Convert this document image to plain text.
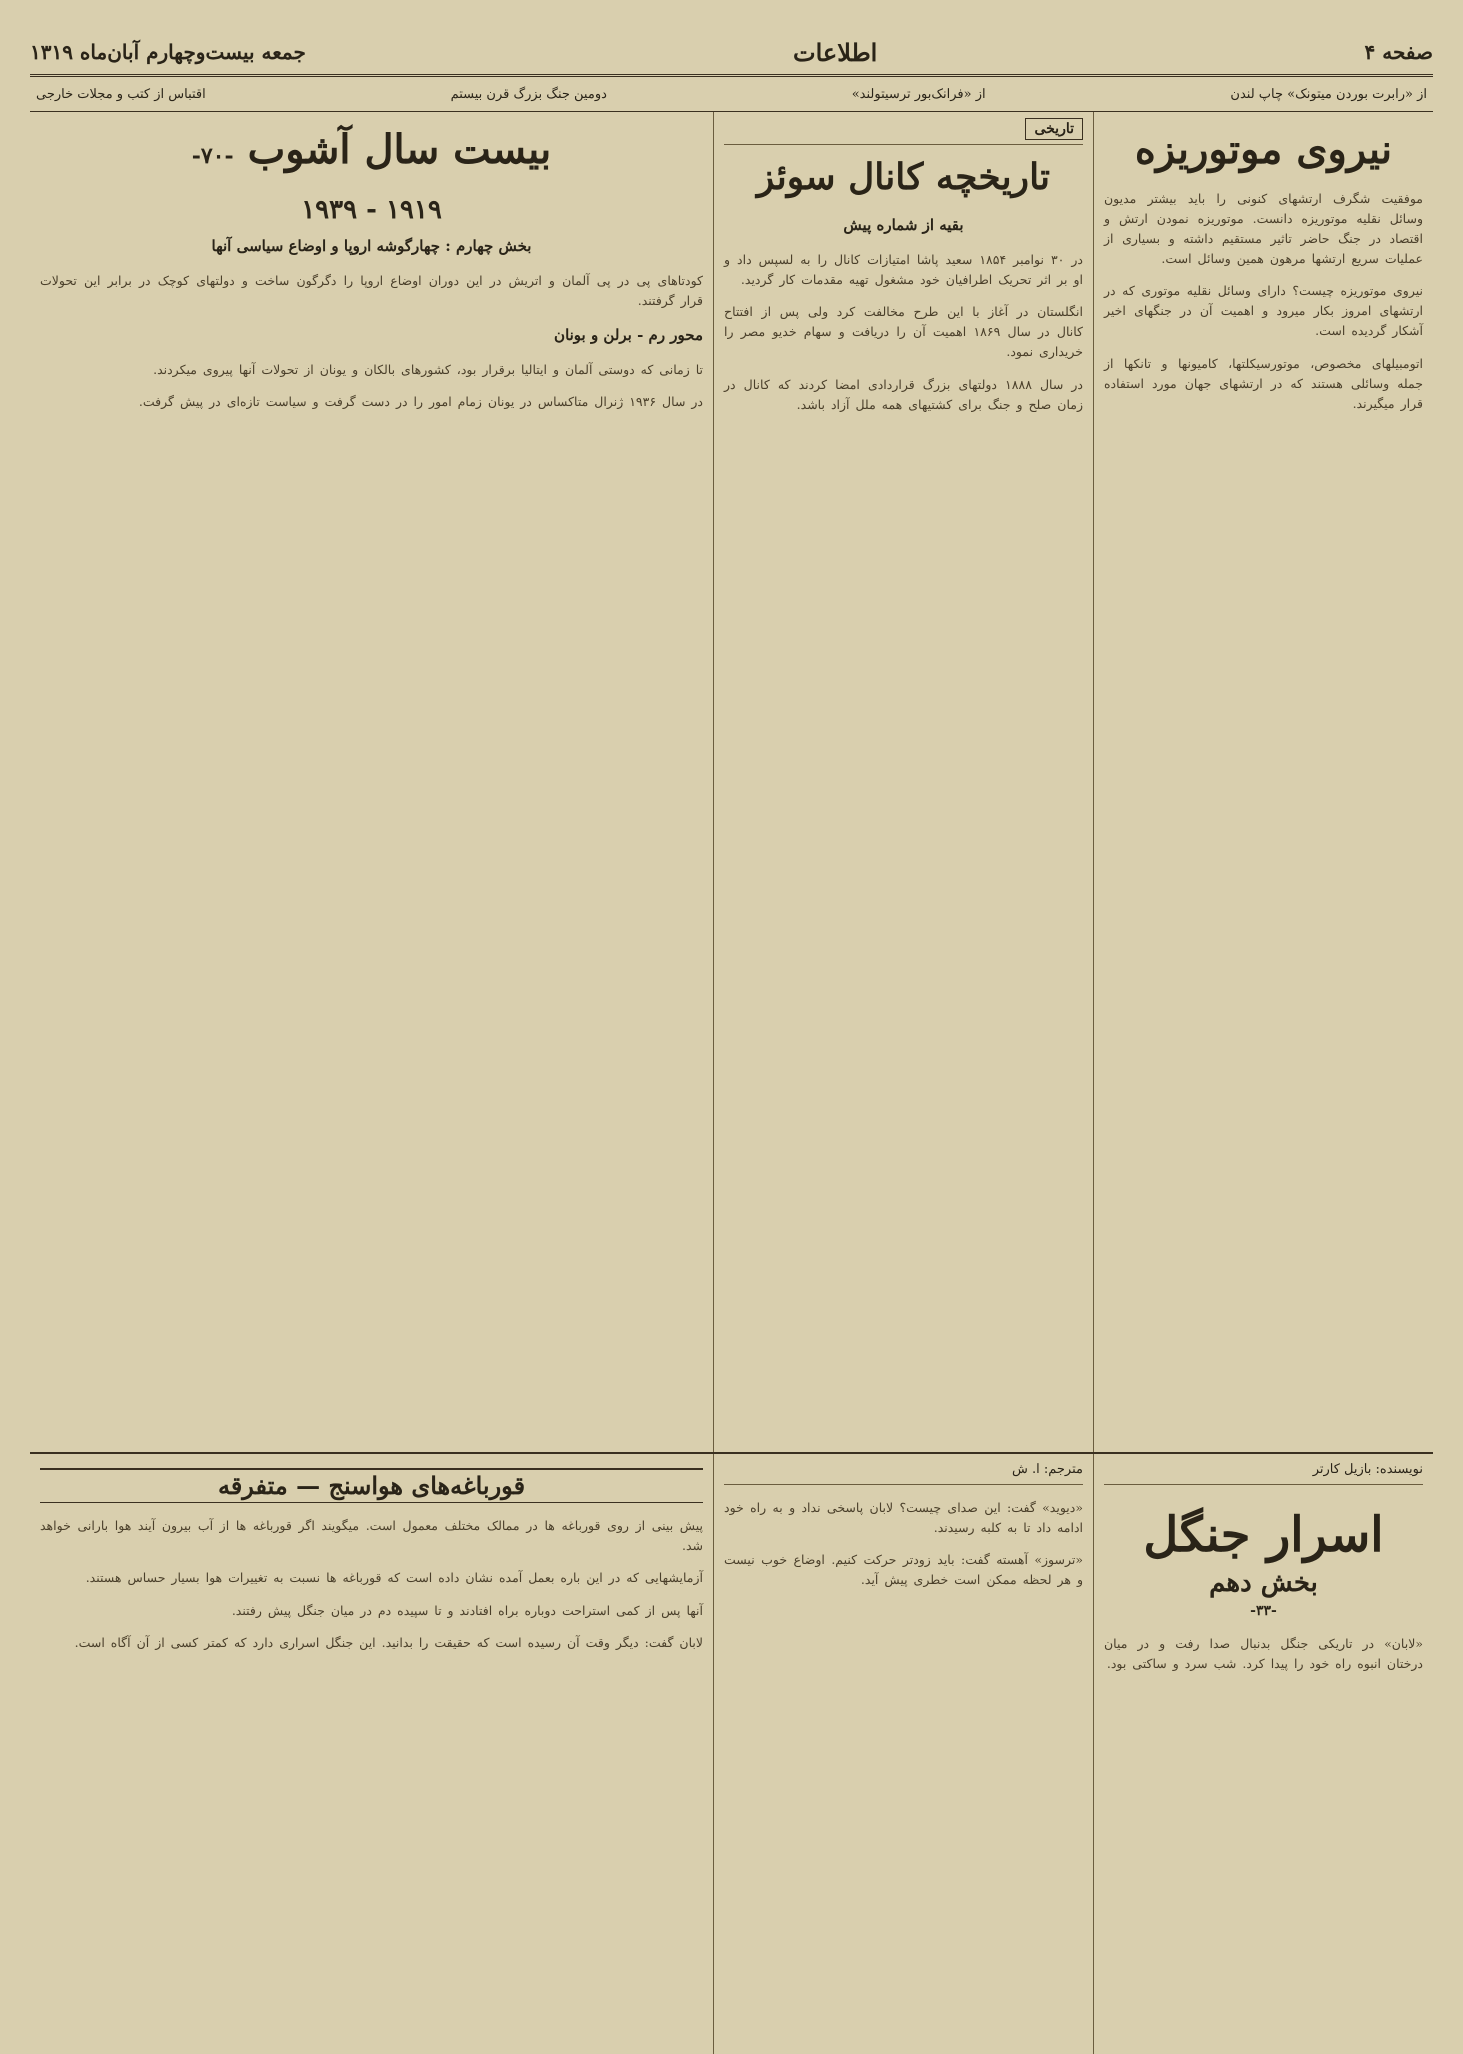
صفحه ۴
اطلاعات
جمعه بیست‌وچهارم آبان‌ماه ۱۳۱۹
از «رابرت بوردن میتونک» چاپ لندن
از «فرانک‌بور ترسیتولند»
دومین جنگ بزرگ قرن بیستم
اقتباس از کتب و مجلات خارجی
نیروی موتوریزه

موفقیت شگرف ارتشهای کنونی را باید بیشتر مدیون وسائل نقلیه موتوریزه دانست. موتوریزه نمودن ارتش و اقتصاد در جنگ حاضر تاثیر مستقیم داشته و بسیاری از عملیات سریع ارتشها مرهون همین وسائل است.

نیروی موتوریزه چیست؟ دارای وسائل نقلیه موتوری که در ارتشهای امروز بکار میرود و اهمیت آن در جنگهای اخیر آشکار گردیده است.

اتومبیلهای مخصوص، موتورسیکلتها، کامیونها و تانکها از جمله وسائلی هستند که در ارتشهای جهان مورد استفاده قرار میگیرند.

تاریخی
تاریخچه کانال سوئز
بقیه از شماره پیش

در ۳۰ نوامبر ۱۸۵۴ سعید پاشا امتیازات کانال را به لسپس داد و او بر اثر تحریک اطرافیان خود مشغول تهیه مقدمات کار گردید.

انگلستان در آغاز با این طرح مخالفت کرد ولی پس از افتتاح کانال در سال ۱۸۶۹ اهمیت آن را دریافت و سهام خدیو مصر را خریداری نمود.

در سال ۱۸۸۸ دولتهای بزرگ قراردادی امضا کردند که کانال در زمان صلح و جنگ برای کشتیهای همه ملل آزاد باشد.

بیست سال آشوب -۷۰-
۱۹۱۹ - ۱۹۳۹
بخش چهارم : چهارگوشه اروپا و اوضاع سیاسی آنها

کودتاهای پی در پی آلمان و اتریش در این دوران اوضاع اروپا را دگرگون ساخت و دولتهای کوچک در برابر این تحولات قرار گرفتند.

محور رم - برلن و بونان

تا زمانی که دوستی آلمان و ایتالیا برقرار بود، کشورهای بالکان و یونان از تحولات آنها پیروی میکردند.

در سال ۱۹۳۶ ژنرال متاکساس در یونان زمام امور را در دست گرفت و سیاست تازه‌ای در پیش گرفت.

نویسنده: بازیل کارتر
اسرار جنگل
بخش دهم
-۳۳-

«لابان» در تاریکی جنگل بدنبال صدا رفت و در میان درختان انبوه راه خود را پیدا کرد. شب سرد و ساکتی بود.

مترجم: ا. ش

«دیوید» گفت: این صدای چیست؟ لابان پاسخی نداد و به راه خود ادامه داد تا به کلبه رسیدند.

«ترسوز» آهسته گفت: باید زودتر حرکت کنیم. اوضاع خوب نیست و هر لحظه ممکن است خطری پیش آید.

قورباغه‌های هواسنج — متفرقه

پیش بینی از روی قورباغه ها در ممالک مختلف معمول است. میگویند اگر قورباغه ها از آب بیرون آیند هوا بارانی خواهد شد.

آزمایشهایی که در این باره بعمل آمده نشان داده است که قورباغه ها نسبت به تغییرات هوا بسیار حساس هستند.

آنها پس از کمی استراحت دوباره براه افتادند و تا سپیده دم در میان جنگل پیش رفتند.

لابان گفت: دیگر وقت آن رسیده است که حقیقت را بدانید. این جنگل اسراری دارد که کمتر کسی از آن آگاه است.
